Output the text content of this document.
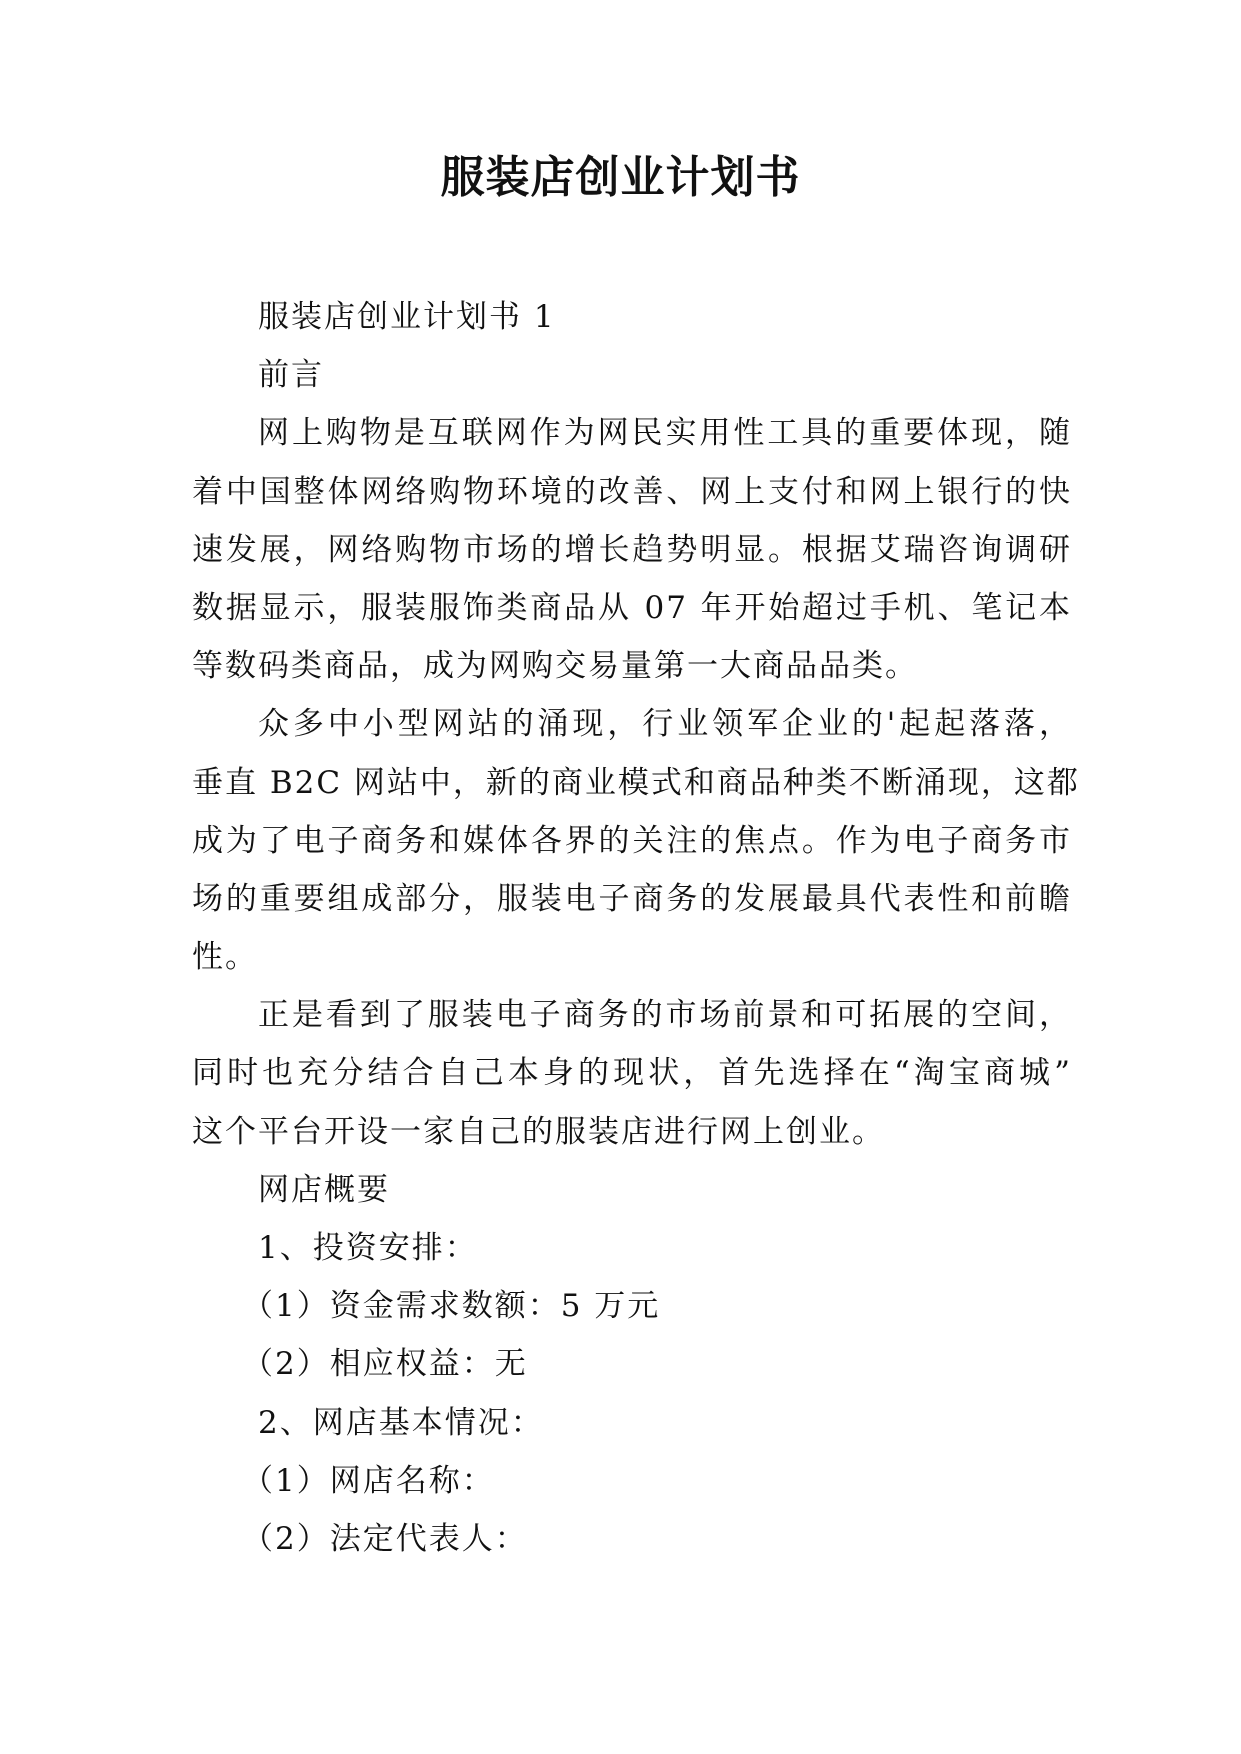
服装店创业计划书
服装店创业计划书 1
前言
网上购物是互联网作为网民实用性工具的重要体现，随
着中国整体网络购物环境的改善、网上支付和网上银行的快
速发展，网络购物市场的增长趋势明显。根据艾瑞咨询调研
数据显示，服装服饰类商品从 07 年开始超过手机、笔记本
等数码类商品，成为网购交易量第一大商品品类。
众多中小型网站的涌现，行业领军企业的'起起落落，
垂直 B2C 网站中，新的商业模式和商品种类不断涌现，这都
成为了电子商务和媒体各界的关注的焦点。作为电子商务市
场的重要组成部分，服装电子商务的发展最具代表性和前瞻
性。
正是看到了服装电子商务的市场前景和可拓展的空间，
同时也充分结合自己本身的现状，首先选择在“淘宝商城”
这个平台开设一家自己的服装店进行网上创业。
网店概要
1、投资安排：
（1）资金需求数额：5 万元
（2）相应权益：无
2、网店基本情况：
（1）网店名称：
（2）法定代表人：
